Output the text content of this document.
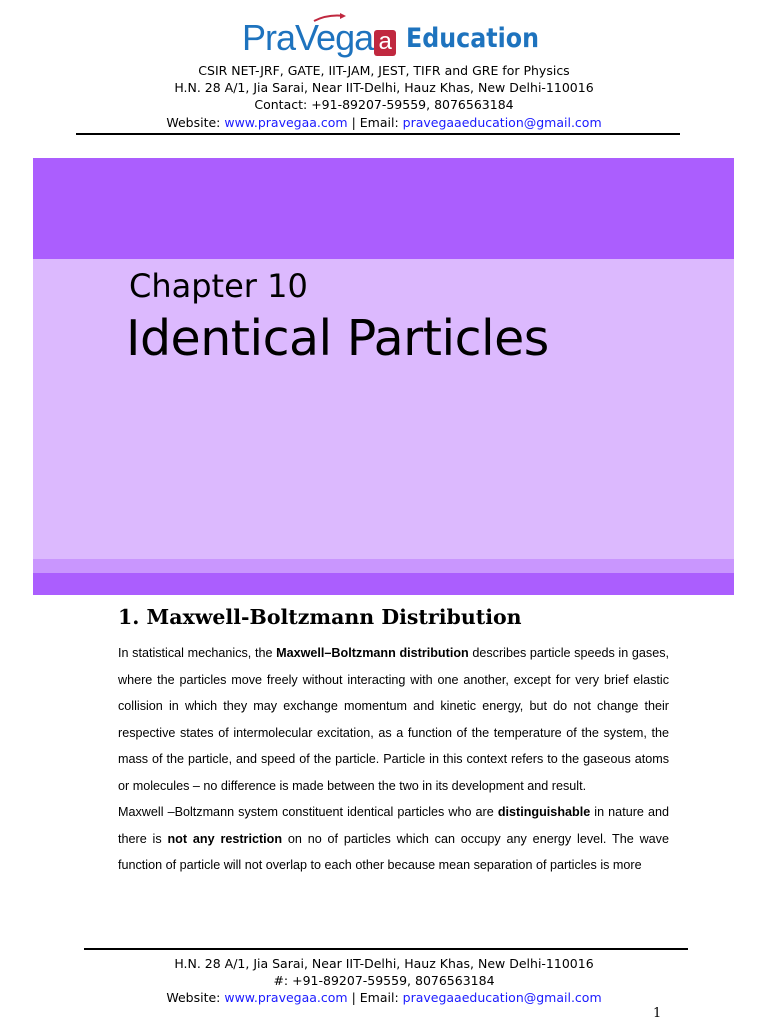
PraVega a Education
CSIR NET-JRF, GATE, IIT-JAM, JEST, TIFR and GRE for Physics
H.N. 28 A/1, Jia Sarai, Near IIT-Delhi, Hauz Khas, New Delhi-110016
Contact: +91-89207-59559, 8076563184
Website: www.pravegaa.com | Email: pravegaaeducation@gmail.com
Chapter 10
Identical Particles
1. Maxwell-Boltzmann Distribution

In statistical mechanics, the Maxwell–Boltzmann distribution describes particle speeds in gases, where the particles move freely without interacting with one another, except for very brief elastic collision in which they may exchange momentum and kinetic energy, but do not change their respective states of intermolecular excitation, as a function of the temperature of the system, the mass of the particle, and speed of the particle. Particle in this context refers to the gaseous atoms or molecules – no difference is made between the two in its development and result.

Maxwell –Boltzmann system constituent identical particles who are distinguishable in nature and there is not any restriction on no of particles which can occupy any energy level. The wave function of particle will not overlap to each other because mean separation of particles is more

H.N. 28 A/1, Jia Sarai, Near IIT-Delhi, Hauz Khas, New Delhi-110016
#: +91-89207-59559, 8076563184
Website: www.pravegaa.com | Email: pravegaaeducation@gmail.com
1
